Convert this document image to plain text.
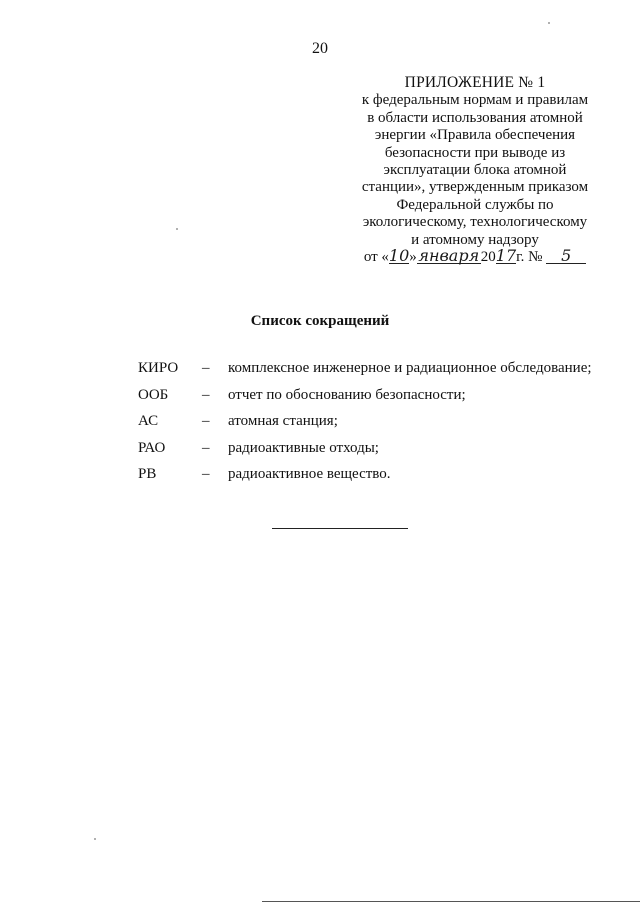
20
ПРИЛОЖЕНИЕ № 1
к федеральным нормам и правилам
в области использования атомной
энергии «Правила обеспечения
безопасности при выводе из
эксплуатации блока атомной
станции», утвержденным приказом
Федеральной службы по
экологическому, технологическому
и атомному надзору
от «10»января 2017г. № 5
Список сокращений
КИРО – комплексное инженерное и радиационное обследование;
ООБ – отчет по обоснованию безопасности;
АС	– атомная станция;
РАО – радиоактивные отходы;
РВ	– радиоактивное вещество.
